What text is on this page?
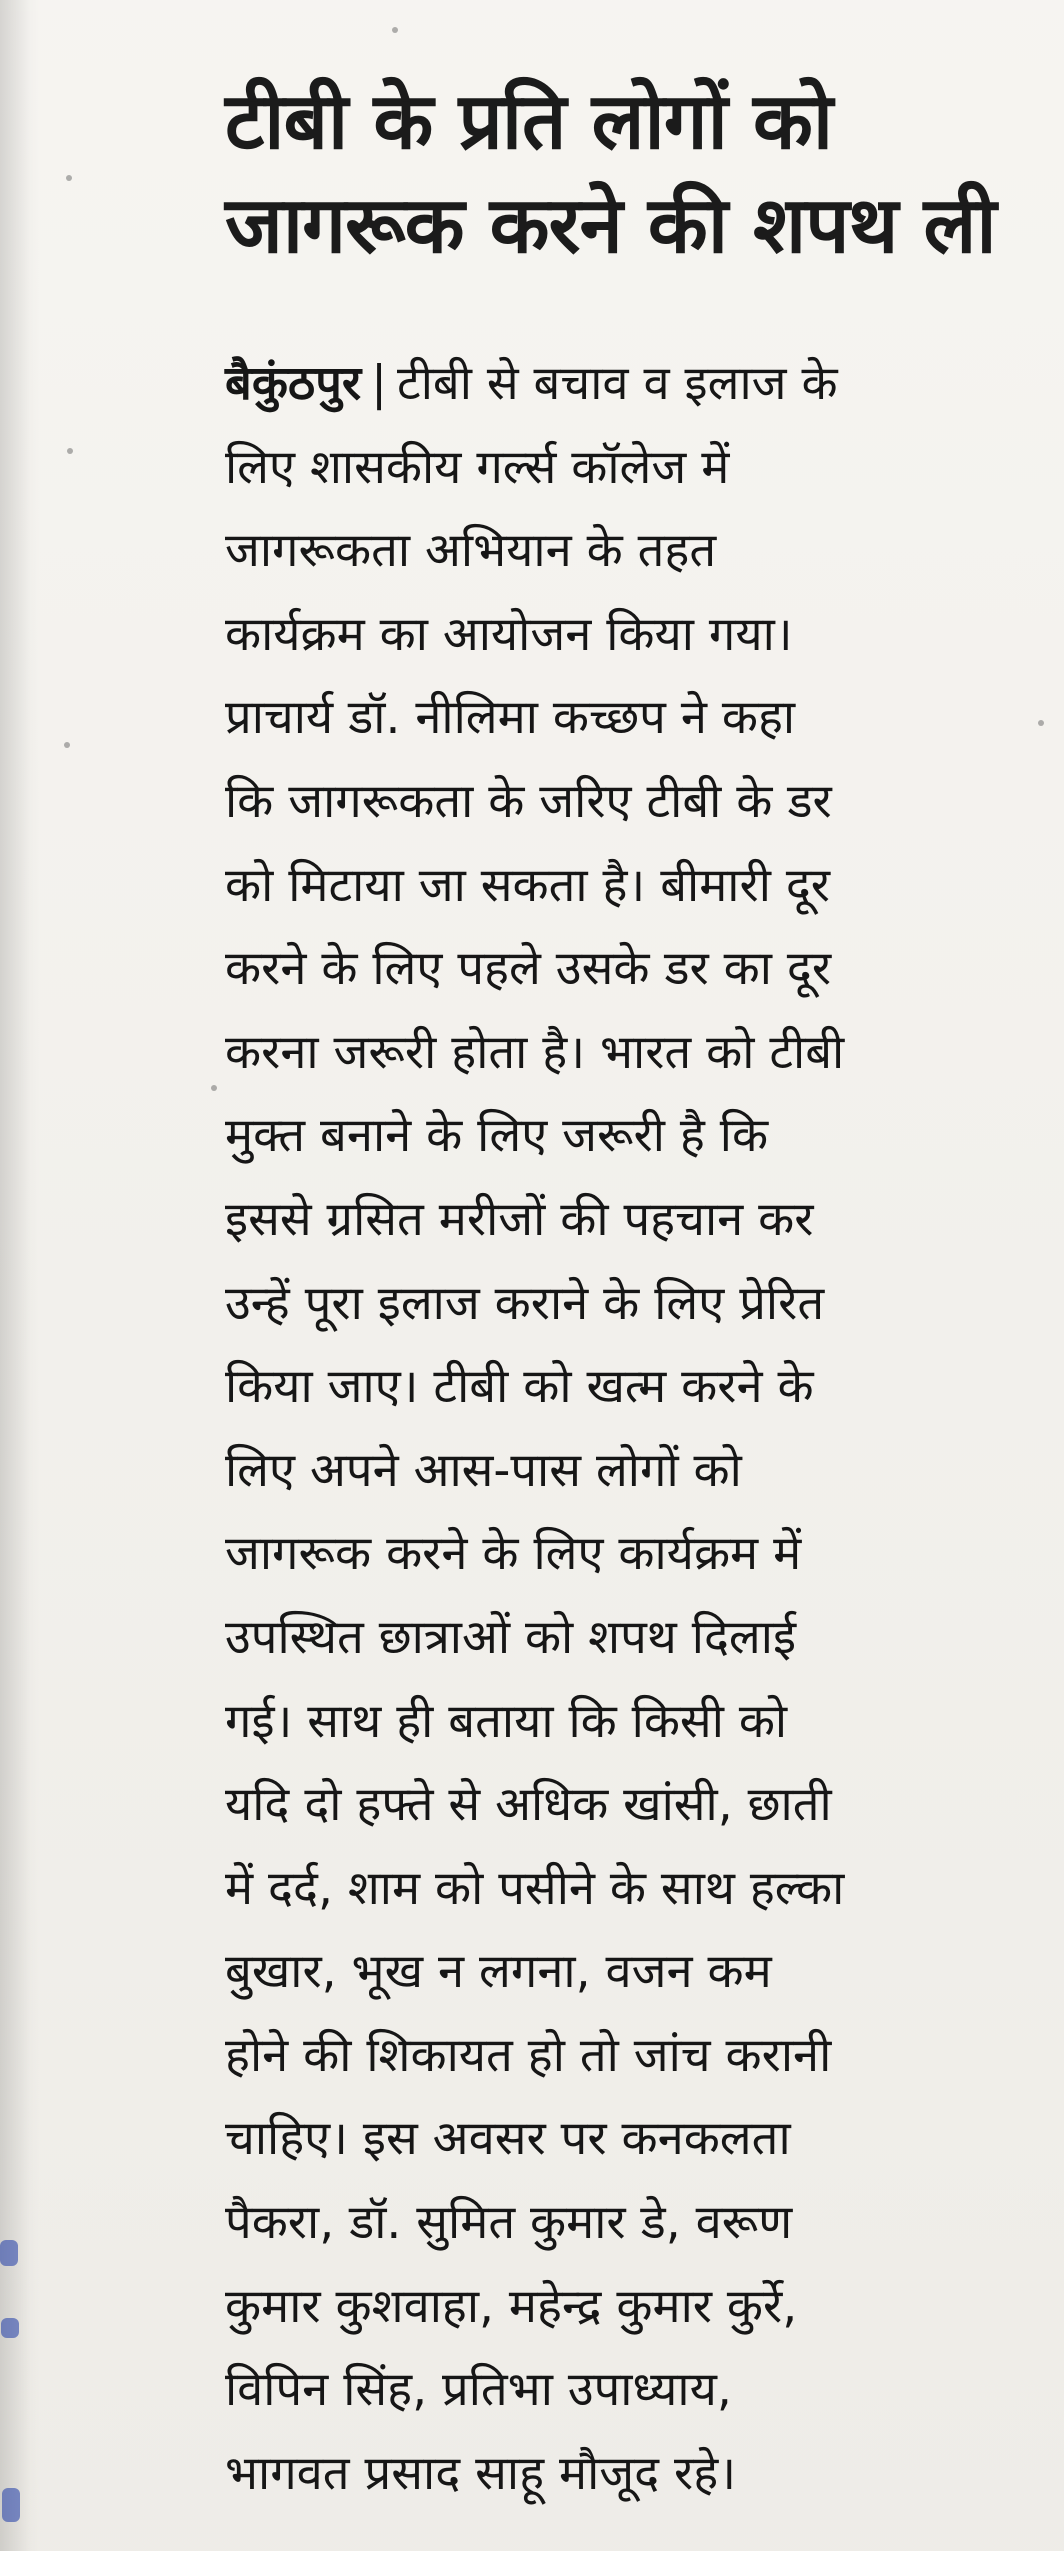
टीबी के प्रति लोगों को
जागरूक करने की शपथ ली
बैकुंठपुर | टीबी से बचाव व इलाज के
लिए शासकीय गर्ल्स कॉलेज में
जागरूकता अभियान के तहत
कार्यक्रम का आयोजन किया गया।
प्राचार्य डॉ. नीलिमा कच्छप ने कहा
कि जागरूकता के जरिए टीबी के डर
को मिटाया जा सकता है। बीमारी दूर
करने के लिए पहले उसके डर का दूर
करना जरूरी होता है। भारत को टीबी
मुक्त बनाने के लिए जरूरी है कि
इससे ग्रसित मरीजों की पहचान कर
उन्हें पूरा इलाज कराने के लिए प्रेरित
किया जाए। टीबी को खत्म करने के
लिए अपने आस-पास लोगों को
जागरूक करने के लिए कार्यक्रम में
उपस्थित छात्राओं को शपथ दिलाई
गई। साथ ही बताया कि किसी को
यदि दो हफ्ते से अधिक खांसी, छाती
में दर्द, शाम को पसीने के साथ हल्का
बुखार, भूख न लगना, वजन कम
होने की शिकायत हो तो जांच करानी
चाहिए। इस अवसर पर कनकलता
पैकरा, डॉ. सुमित कुमार डे, वरूण
कुमार कुशवाहा, महेन्द्र कुमार कुर्रे,
विपिन सिंह, प्रतिभा उपाध्याय,
भागवत प्रसाद साहू मौजूद रहे।
